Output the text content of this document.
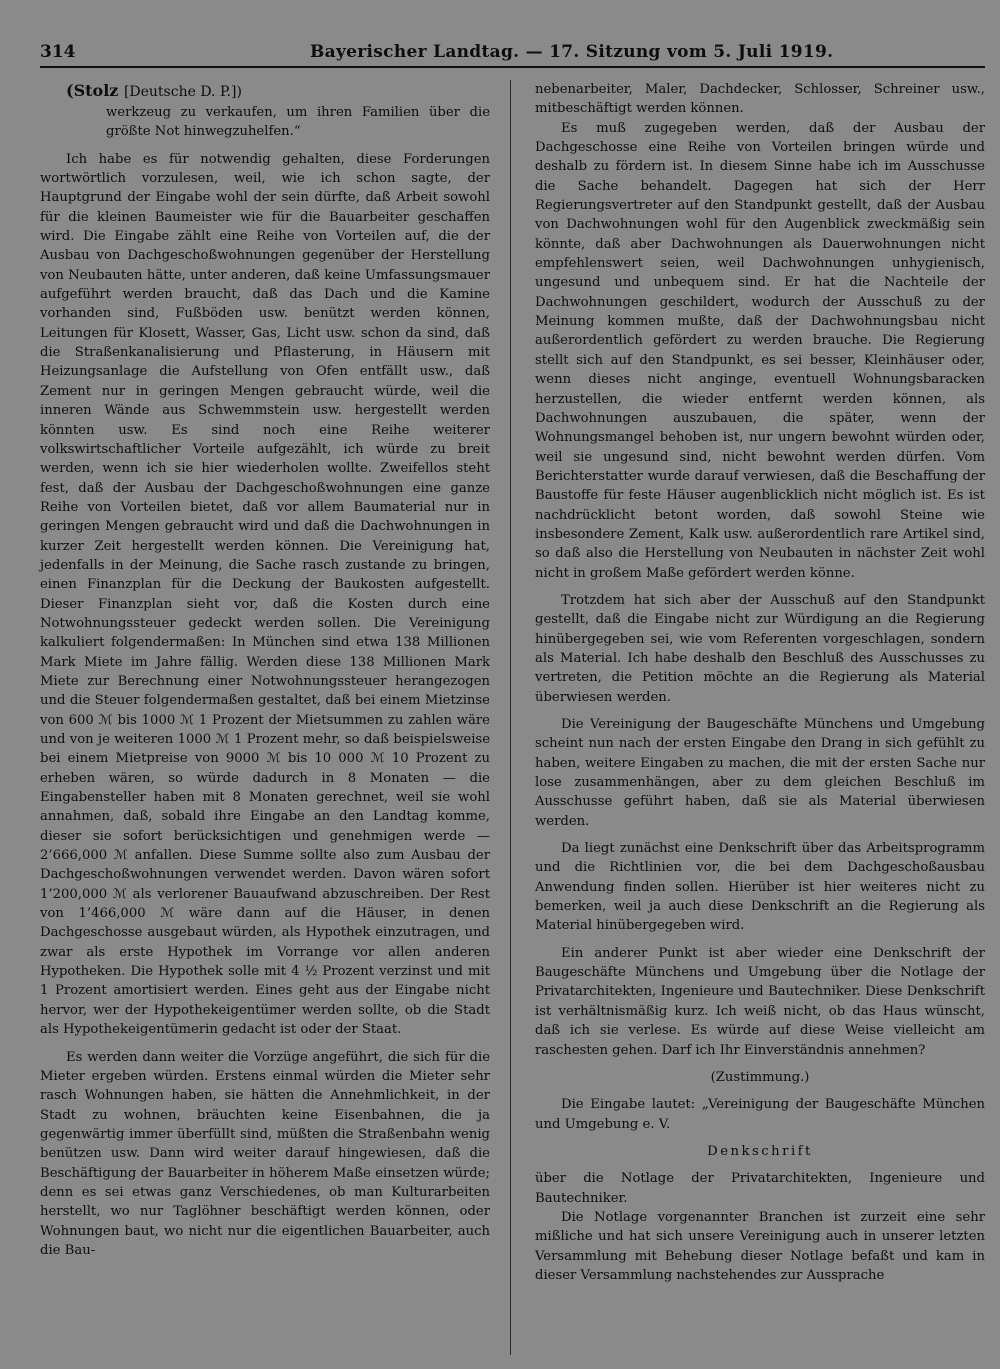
314	Bayerischer Landtag. — 17. Sitzung vom 5. Juli 1919.

(Stolz [Deutsche D. P.])

werkzeug zu verkaufen, um ihren Familien über die größte Not hinwegzuhelfen.“

Ich habe es für notwendig gehalten, diese Forderungen wortwörtlich vorzulesen, weil, wie ich schon sagte, der Hauptgrund der Eingabe wohl der sein dürfte, daß Arbeit sowohl für die kleinen Baumeister wie für die Bauarbeiter geschaffen wird. Die Eingabe zählt eine Reihe von Vorteilen auf, die der Ausbau von Dachgeschoßwohnungen gegenüber der Herstellung von Neubauten hätte, unter anderen, daß keine Umfassungsmauer aufgeführt werden braucht, daß das Dach und die Kamine vorhanden sind, Fußböden usw. benützt werden können, Leitungen für Klosett, Wasser, Gas, Licht usw. schon da sind, daß die Straßenkanalisierung und Pflasterung, in Häusern mit Heizungsanlage die Aufstellung von Ofen entfällt usw., daß Zement nur in geringen Mengen gebraucht würde, weil die inneren Wände aus Schwemmstein usw. hergestellt werden könnten usw. Es sind noch eine Reihe weiterer volkswirtschaftlicher Vorteile aufgezählt, ich würde zu breit werden, wenn ich sie hier wiederholen wollte. Zweifellos steht fest, daß der Ausbau der Dachgeschoßwohnungen eine ganze Reihe von Vorteilen bietet, daß vor allem Baumaterial nur in geringen Mengen gebraucht wird und daß die Dachwohnungen in kurzer Zeit hergestellt werden können. Die Vereinigung hat, jedenfalls in der Meinung, die Sache rasch zustande zu bringen, einen Finanzplan für die Deckung der Baukosten aufgestellt. Dieser Finanzplan sieht vor, daß die Kosten durch eine Notwohnungssteuer gedeckt werden sollen. Die Vereinigung kalkuliert folgendermaßen: In München sind etwa 138 Millionen Mark Miete im Jahre fällig. Werden diese 138 Millionen Mark Miete zur Berechnung einer Notwohnungssteuer herangezogen und die Steuer folgendermaßen gestaltet, daß bei einem Mietzinse von 600 ℳ bis 1000 ℳ 1 Prozent der Mietsummen zu zahlen wäre und von je weiteren 1000 ℳ 1 Prozent mehr, so daß beispielsweise bei einem Mietpreise von 9000 ℳ bis 10 000 ℳ 10 Prozent zu erheben wären, so würde dadurch in 8 Monaten — die Eingabensteller haben mit 8 Monaten gerechnet, weil sie wohl annahmen, daß, sobald ihre Eingabe an den Landtag komme, dieser sie sofort berücksichtigen und genehmigen werde — 2’666,000 ℳ anfallen. Diese Summe sollte also zum Ausbau der Dachgeschoßwohnungen verwendet werden. Davon wären sofort 1’200,000 ℳ als verlorener Bauaufwand abzuschreiben. Der Rest von 1’466,000 ℳ wäre dann auf die Häuser, in denen Dachgeschosse ausgebaut würden, als Hypothek einzutragen, und zwar als erste Hypothek im Vorrange vor allen anderen Hypotheken. Die Hypothek solle mit 4 ½ Prozent verzinst und mit 1 Prozent amortisiert werden. Eines geht aus der Eingabe nicht hervor, wer der Hypothekeigentümer werden sollte, ob die Stadt als Hypothekeigentümerin gedacht ist oder der Staat.

Es werden dann weiter die Vorzüge angeführt, die sich für die Mieter ergeben würden. Erstens einmal würden die Mieter sehr rasch Wohnungen haben, sie hätten die Annehmlichkeit, in der Stadt zu wohnen, bräuchten keine Eisenbahnen, die ja gegenwärtig immer überfüllt sind, müßten die Straßenbahn wenig benützen usw. Dann wird weiter darauf hingewiesen, daß die Beschäftigung der Bauarbeiter in höherem Maße einsetzen würde; denn es sei etwas ganz Verschiedenes, ob man Kulturarbeiten herstellt, wo nur Taglöhner beschäftigt werden können, oder Wohnungen baut, wo nicht nur die eigentlichen Bauarbeiter, auch die Bau-

nebenarbeiter, Maler, Dachdecker, Schlosser, Schreiner usw., mitbeschäftigt werden können.

Es muß zugegeben werden, daß der Ausbau der Dachgeschosse eine Reihe von Vorteilen bringen würde und deshalb zu fördern ist. In diesem Sinne habe ich im Ausschusse die Sache behandelt. Dagegen hat sich der Herr Regierungsvertreter auf den Standpunkt gestellt, daß der Ausbau von Dachwohnungen wohl für den Augenblick zweckmäßig sein könnte, daß aber Dachwohnungen als Dauerwohnungen nicht empfehlenswert seien, weil Dachwohnungen unhygienisch, ungesund und unbequem sind. Er hat die Nachteile der Dachwohnungen geschildert, wodurch der Ausschuß zu der Meinung kommen mußte, daß der Dachwohnungsbau nicht außerordentlich gefördert zu werden brauche. Die Regierung stellt sich auf den Standpunkt, es sei besser, Kleinhäuser oder, wenn dieses nicht anginge, eventuell Wohnungsbaracken herzustellen, die wieder entfernt werden können, als Dachwohnungen auszubauen, die später, wenn der Wohnungsmangel behoben ist, nur ungern bewohnt würden oder, weil sie ungesund sind, nicht bewohnt werden dürfen. Vom Berichterstatter wurde darauf verwiesen, daß die Beschaffung der Baustoffe für feste Häuser augenblicklich nicht möglich ist. Es ist nachdrücklicht betont worden, daß sowohl Steine wie insbesondere Zement, Kalk usw. außerordentlich rare Artikel sind, so daß also die Herstellung von Neubauten in nächster Zeit wohl nicht in großem Maße gefördert werden könne.

Trotzdem hat sich aber der Ausschuß auf den Standpunkt gestellt, daß die Eingabe nicht zur Würdigung an die Regierung hinübergegeben sei, wie vom Referenten vorgeschlagen, sondern als Material. Ich habe deshalb den Beschluß des Ausschusses zu vertreten, die Petition möchte an die Regierung als Material überwiesen werden.

Die Vereinigung der Baugeschäfte Münchens und Umgebung scheint nun nach der ersten Eingabe den Drang in sich gefühlt zu haben, weitere Eingaben zu machen, die mit der ersten Sache nur lose zusammenhängen, aber zu dem gleichen Beschluß im Ausschusse geführt haben, daß sie als Material überwiesen werden.

Da liegt zunächst eine Denkschrift über das Arbeitsprogramm und die Richtlinien vor, die bei dem Dachgeschoßausbau Anwendung finden sollen. Hierüber ist hier weiteres nicht zu bemerken, weil ja auch diese Denkschrift an die Regierung als Material hinübergegeben wird.

Ein anderer Punkt ist aber wieder eine Denkschrift der Baugeschäfte Münchens und Umgebung über die Notlage der Privatarchitekten, Ingenieure und Bautechniker. Diese Denkschrift ist verhältnismäßig kurz. Ich weiß nicht, ob das Haus wünscht, daß ich sie verlese. Es würde auf diese Weise vielleicht am raschesten gehen. Darf ich Ihr Einverständnis annehmen?

(Zustimmung.)

Die Eingabe lautet: „Vereinigung der Baugeschäfte München und Umgebung e. V.

Denkschrift

über die Notlage der Privatarchitekten, Ingenieure und Bautechniker.

Die Notlage vorgenannter Branchen ist zurzeit eine sehr mißliche und hat sich unsere Vereinigung auch in unserer letzten Versammlung mit Behebung dieser Notlage befaßt und kam in dieser Versammlung nachstehendes zur Aussprache
